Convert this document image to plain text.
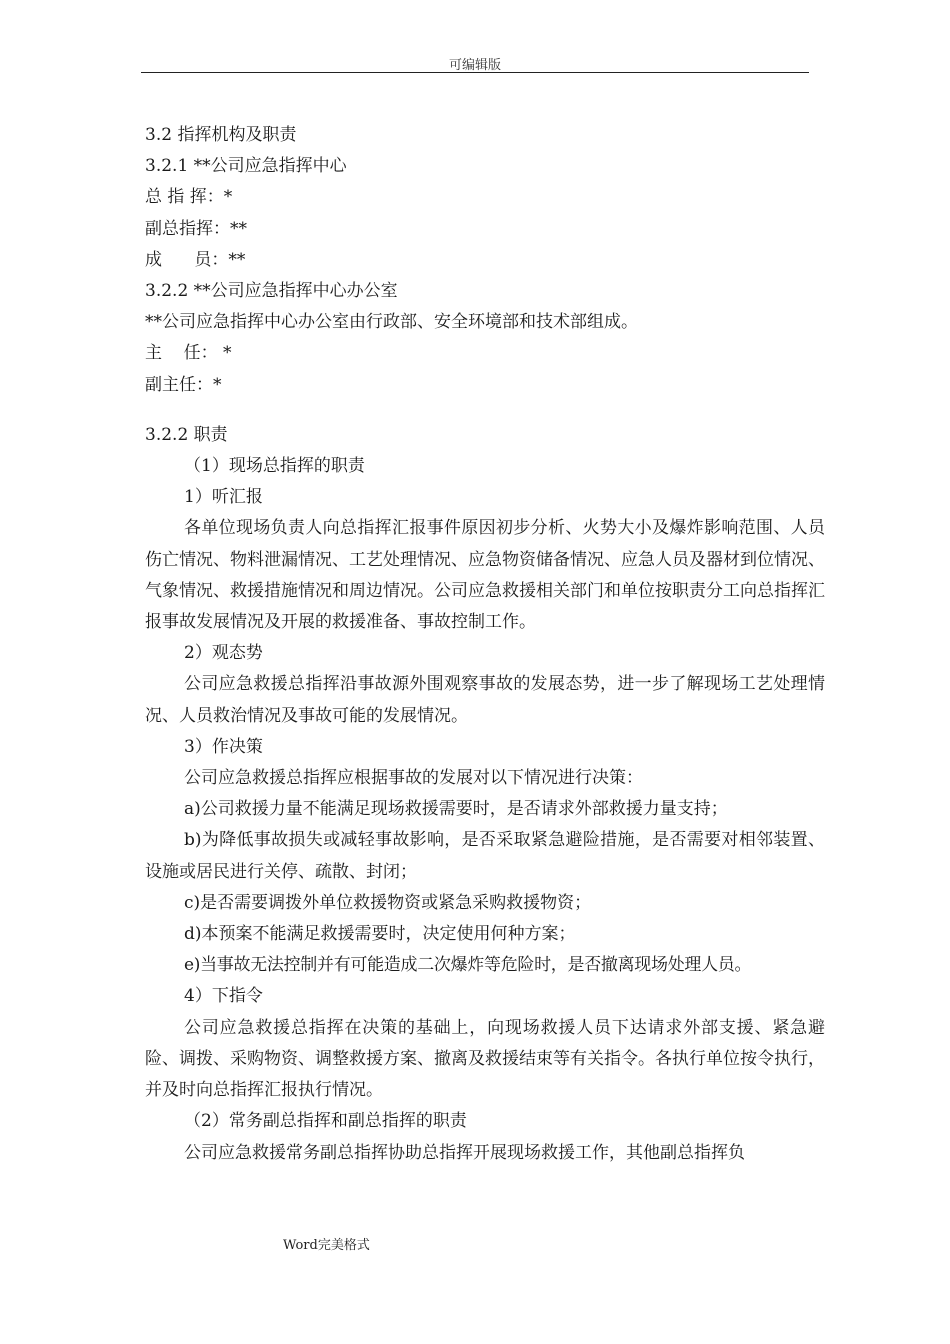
可编辑版

3.2 指挥机构及职责

3.2.1 **公司应急指挥中心

总 指 挥：*

副总指挥：**

成      员：**

3.2.2 **公司应急指挥中心办公室

**公司应急指挥中心办公室由行政部、安全环境部和技术部组成。

主    任： *

副主任：*

3.2.2 职责

（1）现场总指挥的职责

1）听汇报

各单位现场负责人向总指挥汇报事件原因初步分析、火势大小及爆炸影响范围、人员伤亡情况、物料泄漏情况、工艺处理情况、应急物资储备情况、应急人员及器材到位情况、气象情况、救援措施情况和周边情况。公司应急救援相关部门和单位按职责分工向总指挥汇报事故发展情况及开展的救援准备、事故控制工作。

2）观态势

公司应急救援总指挥沿事故源外围观察事故的发展态势，进一步了解现场工艺处理情况、人员救治情况及事故可能的发展情况。

3）作决策

公司应急救援总指挥应根据事故的发展对以下情况进行决策：

a)公司救援力量不能满足现场救援需要时，是否请求外部救援力量支持；

b)为降低事故损失或减轻事故影响，是否采取紧急避险措施，是否需要对相邻装置、设施或居民进行关停、疏散、封闭；

c)是否需要调拨外单位救援物资或紧急采购救援物资；

d)本预案不能满足救援需要时，决定使用何种方案；

e)当事故无法控制并有可能造成二次爆炸等危险时，是否撤离现场处理人员。

4）下指令

公司应急救援总指挥在决策的基础上，向现场救援人员下达请求外部支援、紧急避险、调拨、采购物资、调整救援方案、撤离及救援结束等有关指令。各执行单位按令执行，并及时向总指挥汇报执行情况。

（2）常务副总指挥和副总指挥的职责

公司应急救援常务副总指挥协助总指挥开展现场救援工作，其他副总指挥负

Word完美格式
